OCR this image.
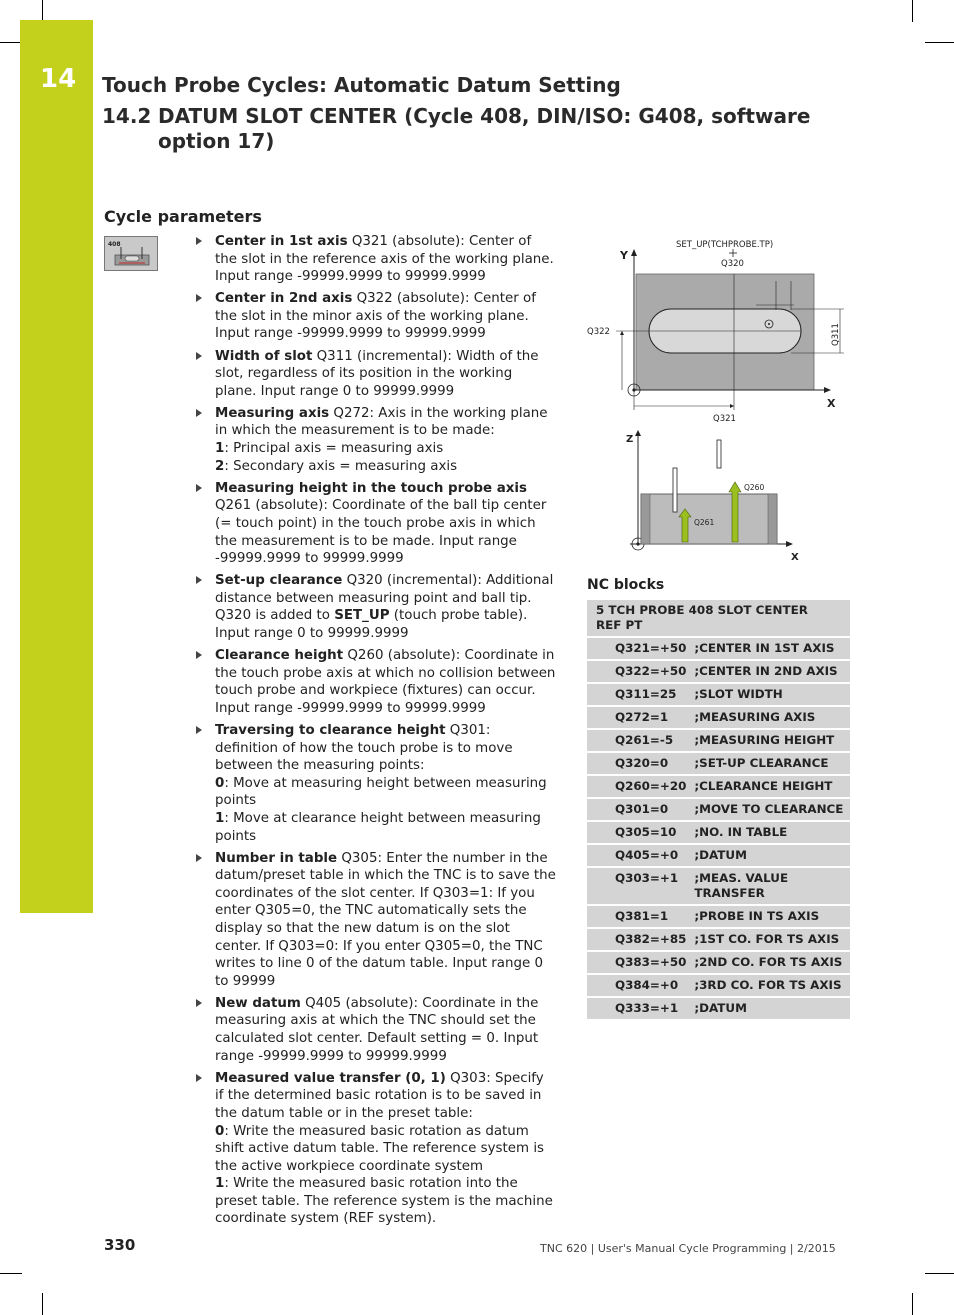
14 Touch Probe Cycles: Automatic Datum Setting
14.2 DATUM SLOT CENTER (Cycle 408, DIN/ISO: G408, software option 17)
Cycle parameters
408	Center in 1st axis Q321 (absolute): Center of the slot in the reference axis of the working plane. Input range -99999.9999 to 99999.9999
Center in 2nd axis Q322 (absolute): Center of the slot in the minor axis of the working plane. Input range -99999.9999 to 99999.9999
Width of slot Q311 (incremental): Width of the slot, regardless of its position in the working plane. Input range 0 to 99999.9999
Measuring axis Q272: Axis in the working plane in which the measurement is to be made:
1: Principal axis = measuring axis
2: Secondary axis = measuring axis
Measuring height in the touch probe axis Q261 (absolute): Coordinate of the ball tip center (= touch point) in the touch probe axis in which the measurement is to be made. Input range -99999.9999 to 99999.9999
Set-up clearance Q320 (incremental): Additional distance between measuring point and ball tip. Q320 is added to SET_UP (touch probe table). Input range 0 to 99999.9999
Clearance height Q260 (absolute): Coordinate in the touch probe axis at which no collision between touch probe and workpiece (fixtures) can occur. Input range -99999.9999 to 99999.9999
Traversing to clearance height Q301: definition of how the touch probe is to move between the measuring points:
0: Move at measuring height between measuring points
1: Move at clearance height between measuring points
Number in table Q305: Enter the number in the datum/preset table in which the TNC is to save the coordinates of the slot center. If Q303=1: If you enter Q305=0, the TNC automatically sets the display so that the new datum is on the slot center. If Q303=0: If you enter Q305=0, the TNC writes to line 0 of the datum table. Input range 0 to 99999
New datum Q405 (absolute): Coordinate in the measuring axis at which the TNC should set the calculated slot center. Default setting = 0. Input range -99999.9999 to 99999.9999
Measured value transfer (0, 1) Q303: Specify if the determined basic rotation is to be saved in the datum table or in the preset table:
0: Write the measured basic rotation as datum shift active datum table. The reference system is the active workpiece coordinate system
1: Write the measured basic rotation into the preset table. The reference system is the machine coordinate system (REF system).
SET_UP(TCHPROBE.TP)
Q320
Y
X
Q321
Q322	Q311
Z
X
Q260
Q261
NC blocks
5 TCH PROBE 408 SLOT CENTER REF PT	
Q321=+50	;CENTER IN 1ST AXIS
Q322=+50	;CENTER IN 2ND AXIS
Q311=25	;SLOT WIDTH
Q272=1	;MEASURING AXIS
Q261=-5	;MEASURING HEIGHT
Q320=0	;SET-UP CLEARANCE
Q260=+20	;CLEARANCE HEIGHT
Q301=0	;MOVE TO CLEARANCE
Q305=10	;NO. IN TABLE
Q405=+0	;DATUM
Q303=+1	;MEAS. VALUE TRANSFER
Q381=1	;PROBE IN TS AXIS
Q382=+85	;1ST CO. FOR TS AXIS
Q383=+50	;2ND CO. FOR TS AXIS
Q384=+0	;3RD CO. FOR TS AXIS
Q333=+1	;DATUM
330	TNC 620 | User's Manual Cycle Programming | 2/2015
